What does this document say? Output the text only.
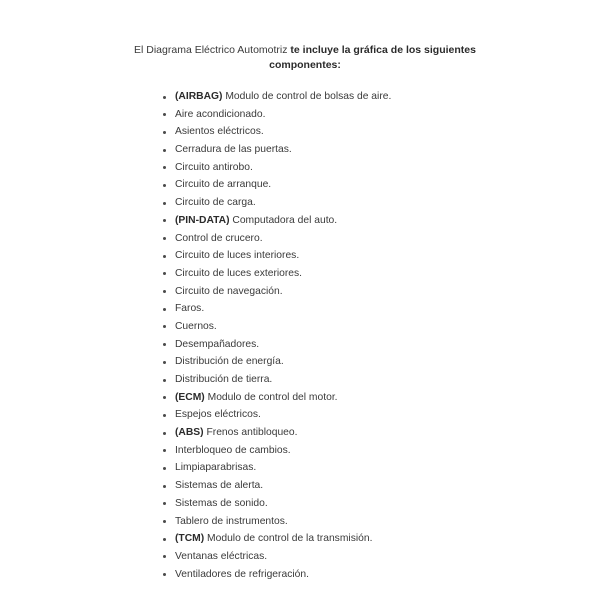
El Diagrama Eléctrico Automotriz te incluye la gráfica de los siguientes componentes:
(AIRBAG) Modulo de control de bolsas de aire.
Aire acondicionado.
Asientos eléctricos.
Cerradura de las puertas.
Circuito antirobo.
Circuito de arranque.
Circuito de carga.
(PIN-DATA) Computadora del auto.
Control de crucero.
Circuito de luces interiores.
Circuito de luces exteriores.
Circuito de navegación.
Faros.
Cuernos.
Desempañadores.
Distribución de energía.
Distribución de tierra.
(ECM) Modulo de control del motor.
Espejos eléctricos.
(ABS) Frenos antibloqueo.
Interbloqueo de cambios.
Limpiaparabrisas.
Sistemas de alerta.
Sistemas de sonido.
Tablero de instrumentos.
(TCM) Modulo de control de la transmisión.
Ventanas eléctricas.
Ventiladores de refrigeración.
